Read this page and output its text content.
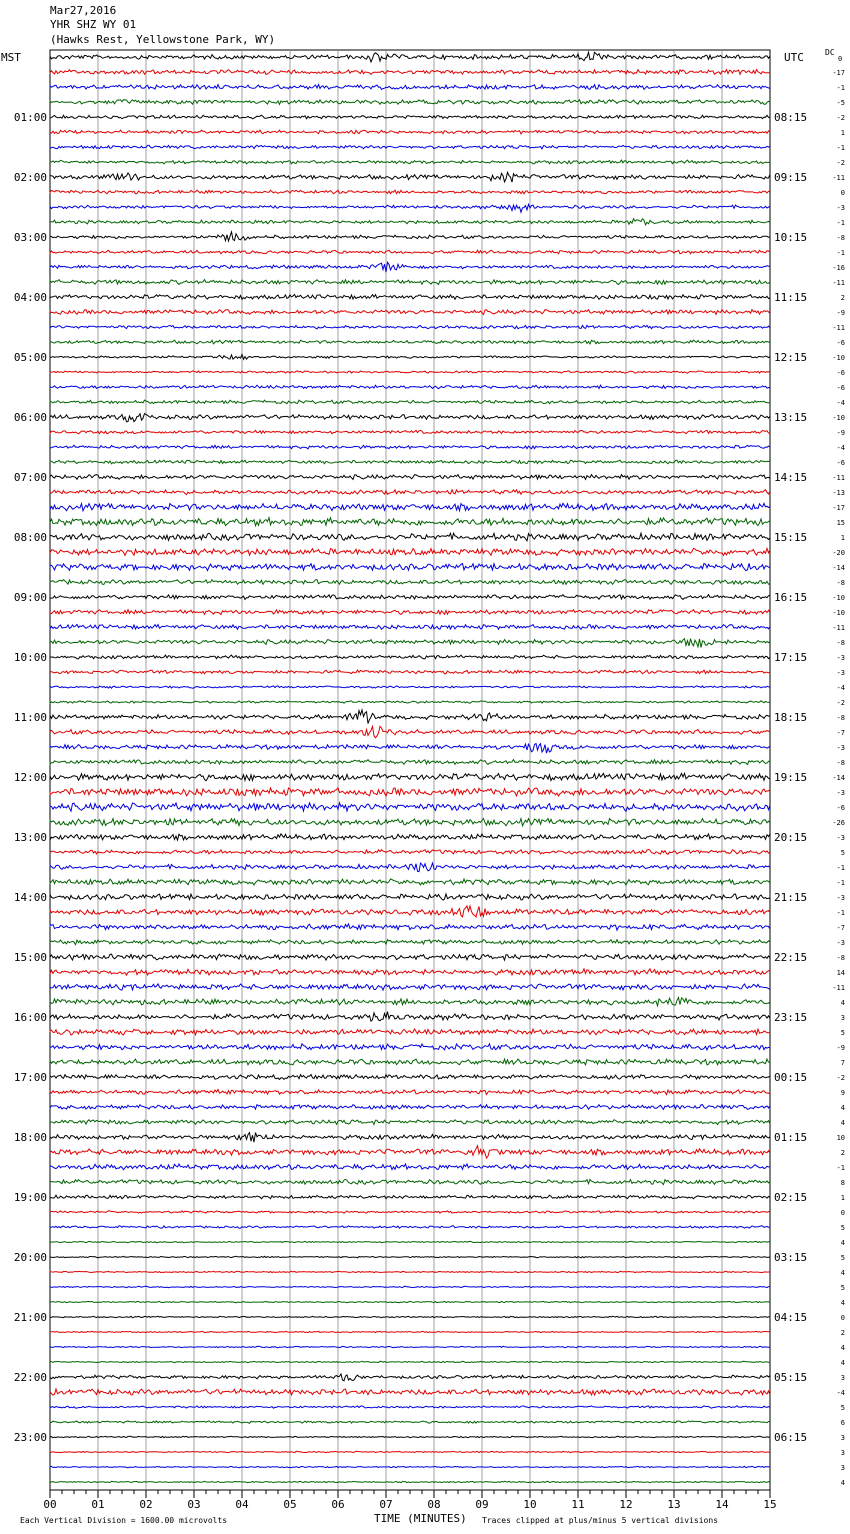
Mar27,2016
YHR SHZ WY 01
(Hawks Rest, Yellowstone Park, WY)
MST	UTC	DC
0
01:00
02:00
03:00
04:00
05:00
06:00
07:00
08:00
09:00
10:00
11:00
12:00
13:00
14:00
15:00
16:00
17:00
18:00
19:00
20:00
21:00
22:00
23:00
08:15
09:15
10:15
11:15
12:15
13:15
14:15
15:15
16:15
17:15
18:15
19:15
20:15
21:15
22:15
23:15
00:15
01:15
02:15
03:15
04:15
05:15
06:15
-17
-1
-5
-2
1
-1
-2
-11
0
-3
-1
-8
-1
-16
-11
2
-9
-11
-6
-10
-6
-6
-4
-10
-9
-4
-6
-11
-13
-17
15
1
-20
-14
-8
-10
-10
-11
-8
-3
-3
-4
-2
-8
-7
-3
-8
-14
-3
-6
-26
-3
5
-1
-1
-3
-1
-7
-3
-8
14
-11
4
3
5
-9
7
-2
9
4
4
10
2
-1
8
1
0
5
4
5
4
5
4
0
2
4
4
3
-4
5
6
3
3
3
4
00	01	02	03	04	05	06	07	08	09	10	11	12	13	14	15
Each Vertical Division = 1600.00 microvolts	TIME (MINUTES) Traces clipped at plus/minus 5 vertical divisions
